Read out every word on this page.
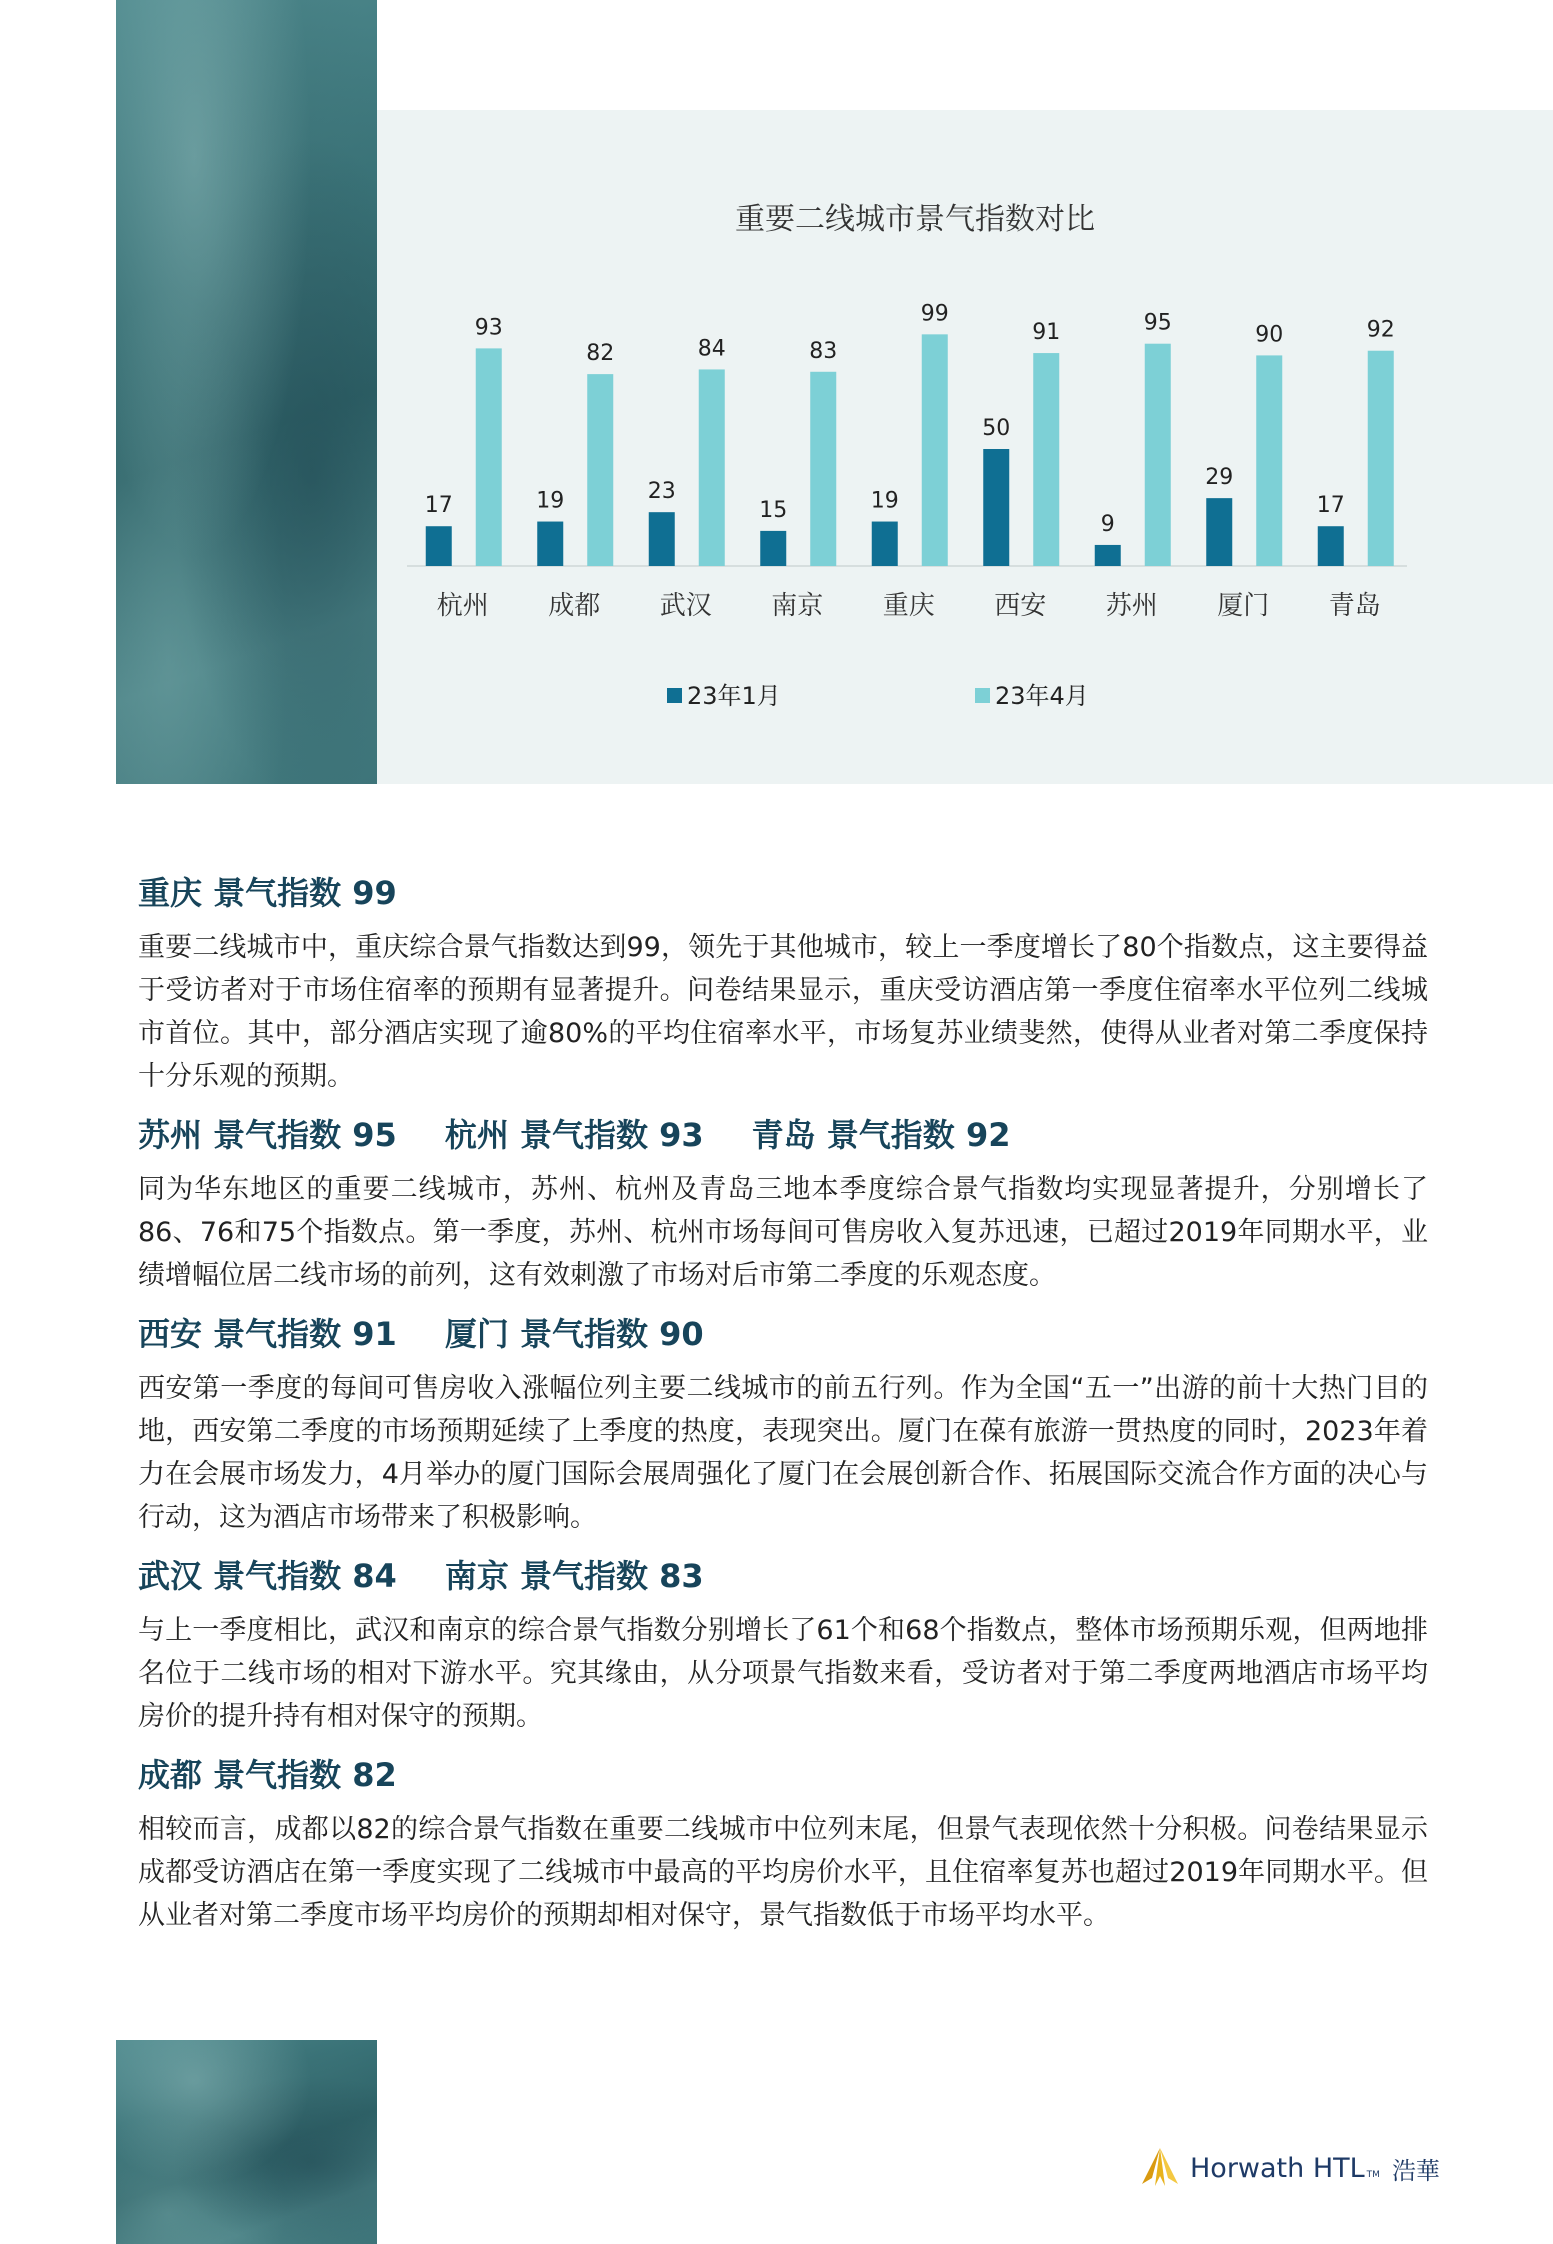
重要二线城市景气指数对比
17
93
杭州
19
82
成都
23
84
武汉
15
83
南京
19
99
重庆
50
91
西安
9
95
苏州
29
90
厦门
17
92
青岛
23年1月	23年4月
重庆 景气指数 99

重要二线城市中，重庆综合景气指数达到99，领先于其他城市，较上一季度增长了80个指数点，这主要得益于受访者对于市场住宿率的预期有显著提升。问卷结果显示，重庆受访酒店第一季度住宿率水平位列二线城市首位。其中，部分酒店实现了逾80%的平均住宿率水平，市场复苏业绩斐然，使得从业者对第二季度保持十分乐观的预期。

苏州 景气指数 95 杭州 景气指数 93 青岛 景气指数 92

同为华东地区的重要二线城市，苏州、杭州及青岛三地本季度综合景气指数均实现显著提升，分别增长了86、76和75个指数点。第一季度，苏州、杭州市场每间可售房收入复苏迅速，已超过2019年同期水平，业绩增幅位居二线市场的前列，这有效刺激了市场对后市第二季度的乐观态度。

西安 景气指数 91 厦门 景气指数 90

西安第一季度的每间可售房收入涨幅位列主要二线城市的前五行列。作为全国“五一”出游的前十大热门目的地，西安第二季度的市场预期延续了上季度的热度，表现突出。厦门在葆有旅游一贯热度的同时，2023年着力在会展市场发力，4月举办的厦门国际会展周强化了厦门在会展创新合作、拓展国际交流合作方面的决心与行动，这为酒店市场带来了积极影响。

武汉 景气指数 84 南京 景气指数 83

与上一季度相比，武汉和南京的综合景气指数分别增长了61个和68个指数点，整体市场预期乐观，但两地排名位于二线市场的相对下游水平。究其缘由，从分项景气指数来看，受访者对于第二季度两地酒店市场平均房价的提升持有相对保守的预期。

成都 景气指数 82

相较而言，成都以82的综合景气指数在重要二线城市中位列末尾，但景气表现依然十分积极。问卷结果显示成都受访酒店在第一季度实现了二线城市中最高的平均房价水平，且住宿率复苏也超过2019年同期水平。但从业者对第二季度市场平均房价的预期却相对保守，景气指数低于市场平均水平。

Horwath HTL TM 浩華
